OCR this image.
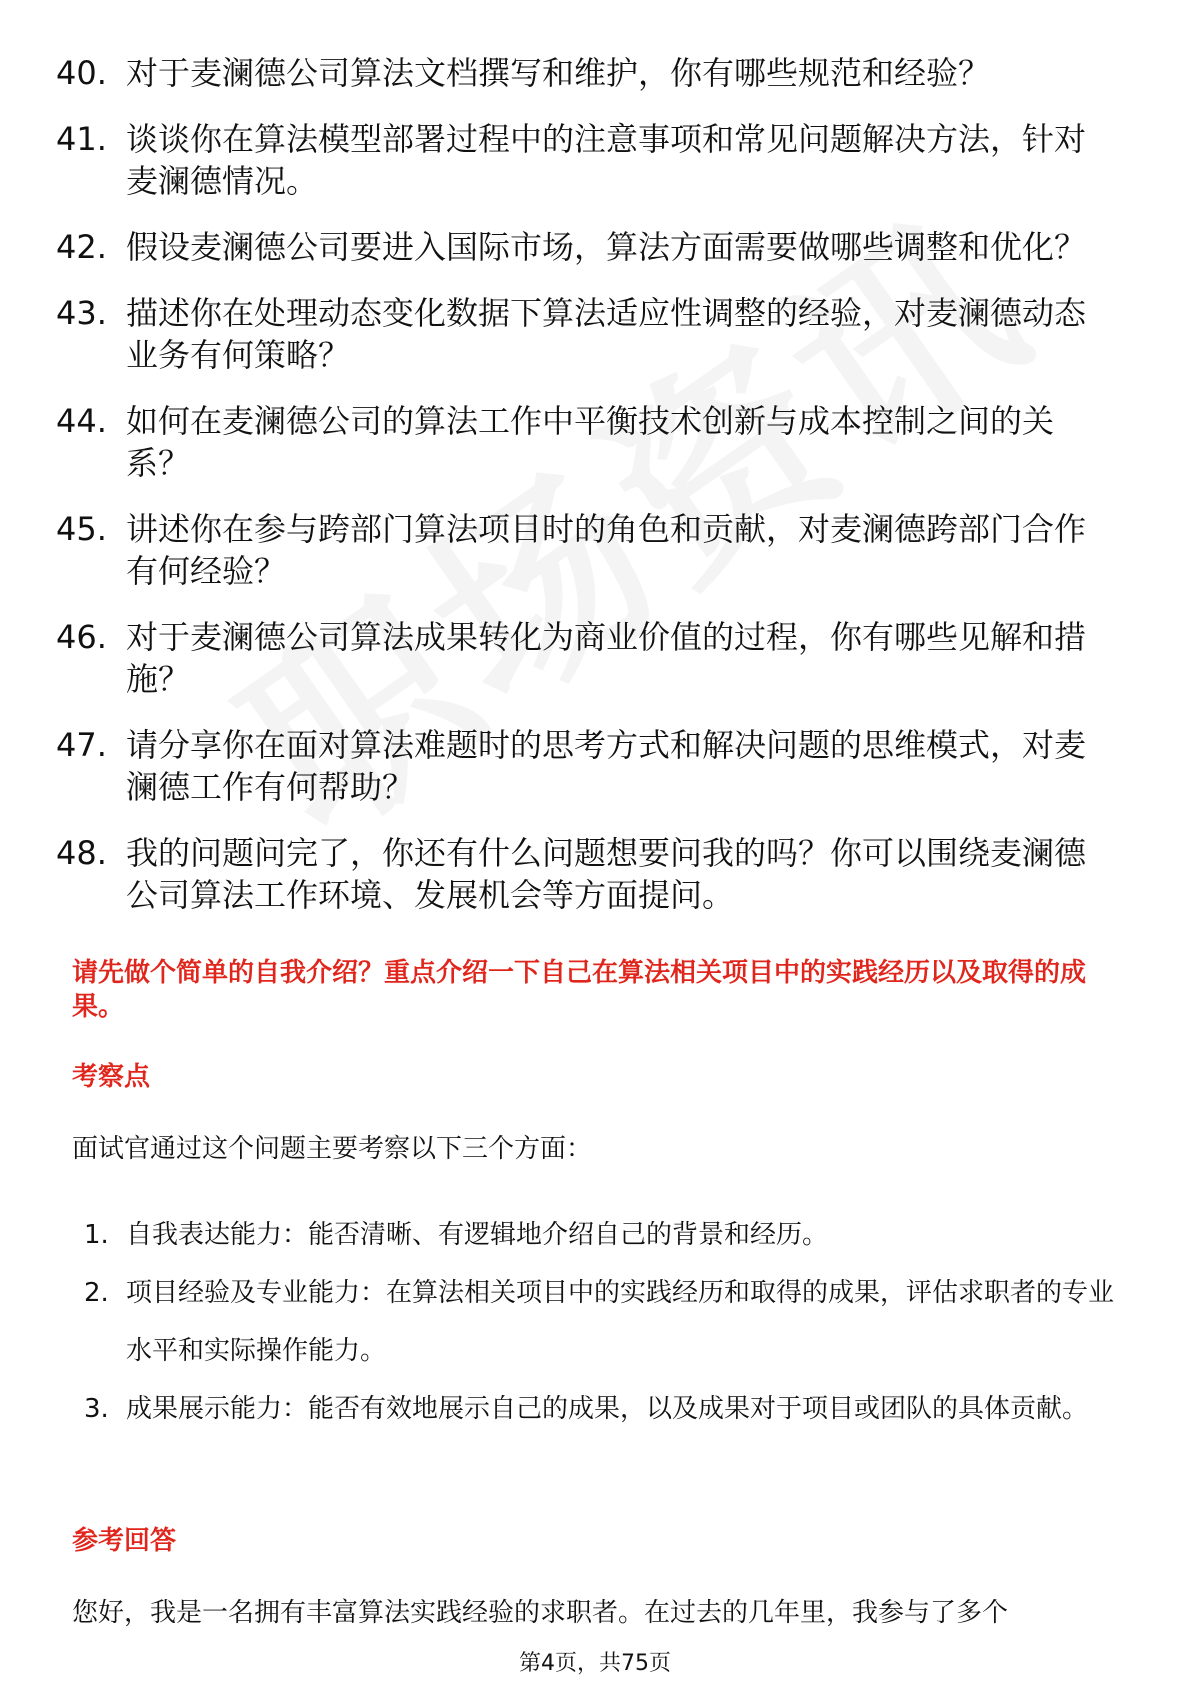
40. 对于麦澜德公司算法文档撰写和维护，你有哪些规范和经验？
41. 谈谈你在算法模型部署过程中的注意事项和常见问题解决方法，针对麦澜德情况。
42. 假设麦澜德公司要进入国际市场，算法方面需要做哪些调整和优化？
43. 描述你在处理动态变化数据下算法适应性调整的经验，对麦澜德动态业务有何策略？
44. 如何在麦澜德公司的算法工作中平衡技术创新与成本控制之间的关系？
45. 讲述你在参与跨部门算法项目时的角色和贡献，对麦澜德跨部门合作有何经验？
46. 对于麦澜德公司算法成果转化为商业价值的过程，你有哪些见解和措施？
47. 请分享你在面对算法难题时的思考方式和解决问题的思维模式，对麦澜德工作有何帮助？
48. 我的问题问完了，你还有什么问题想要问我的吗？你可以围绕麦澜德公司算法工作环境、发展机会等方面提问。
请先做个简单的自我介绍？重点介绍一下自己在算法相关项目中的实践经历以及取得的成果。
考察点
面试官通过这个问题主要考察以下三个方面：
1. 自我表达能力：能否清晰、有逻辑地介绍自己的背景和经历。
2. 项目经验及专业能力：在算法相关项目中的实践经历和取得的成果，评估求职者的专业水平和实际操作能力。
3. 成果展示能力：能否有效地展示自己的成果，以及成果对于项目或团队的具体贡献。
参考回答
您好，我是一名拥有丰富算法实践经验的求职者。在过去的几年里，我参与了多个
第4页，共75页
